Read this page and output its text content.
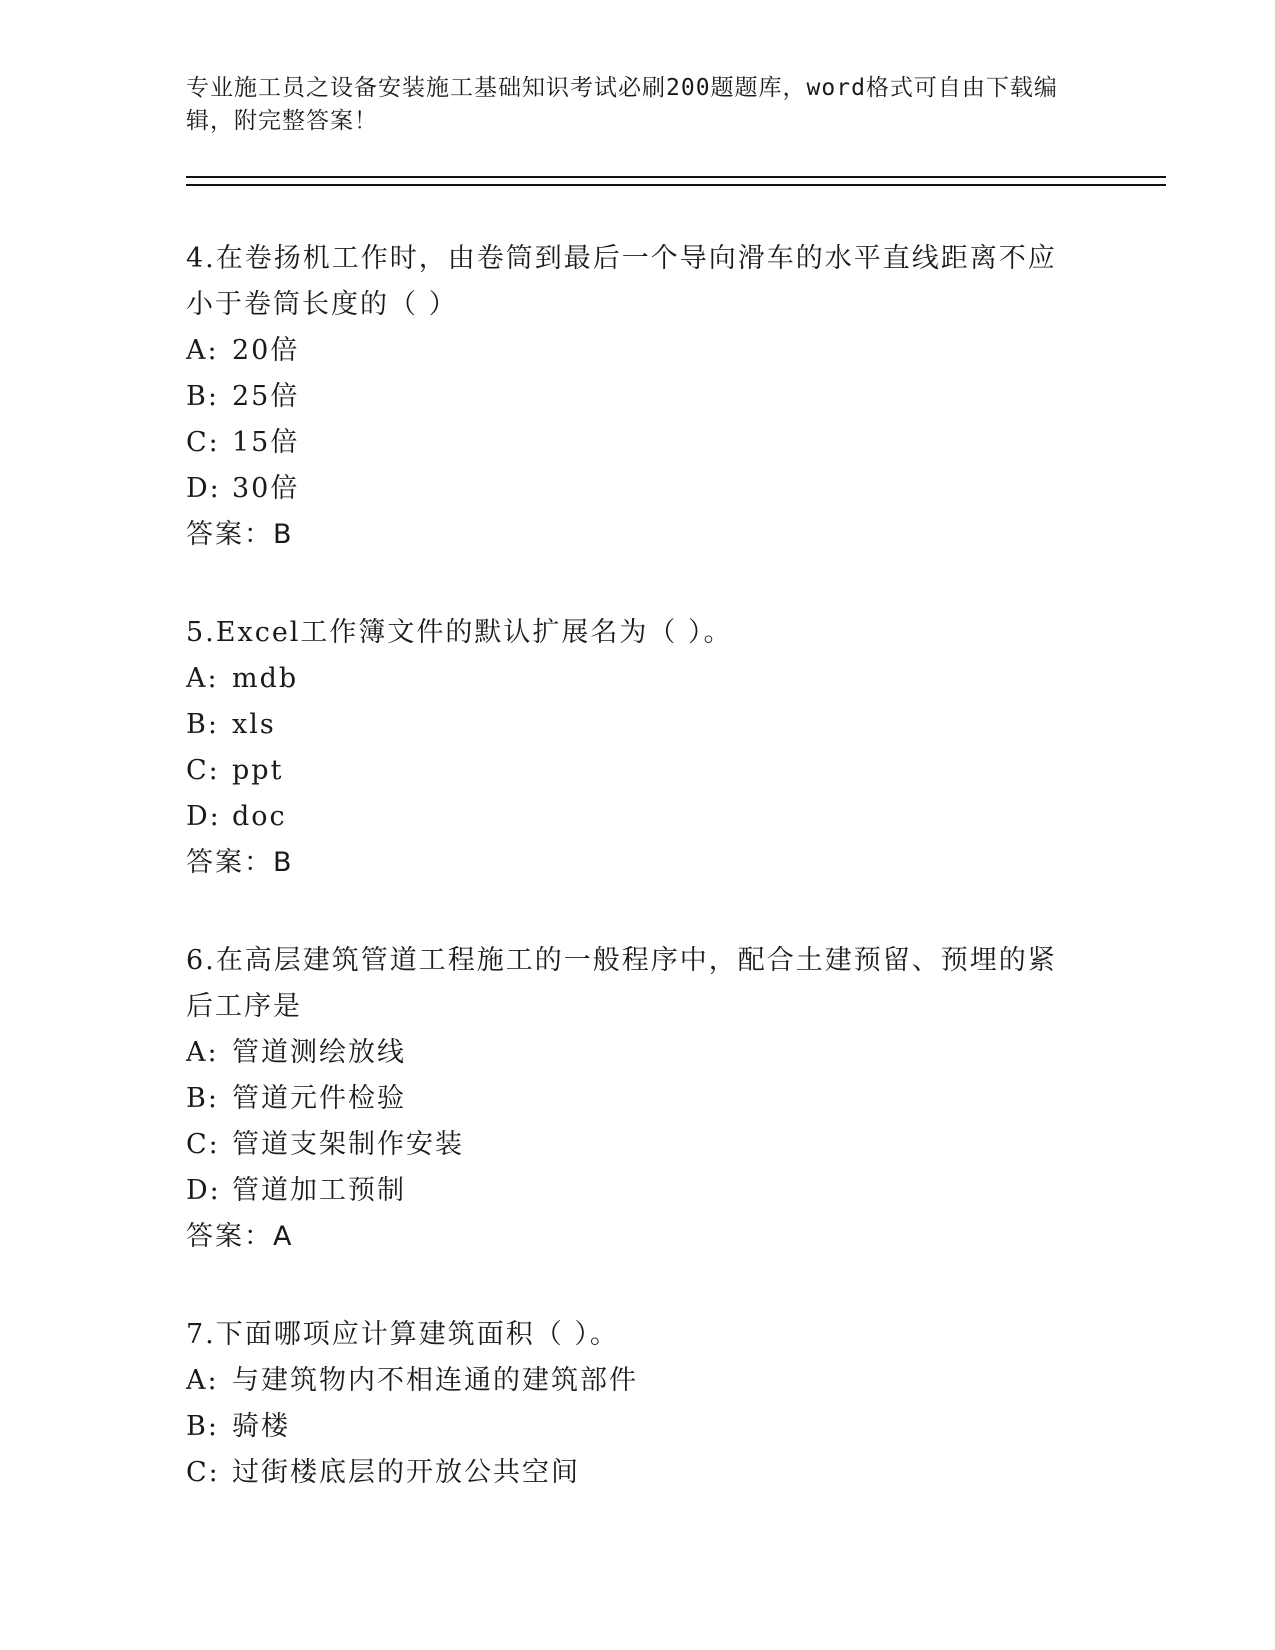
专业施工员之设备安装施工基础知识考试必刷200题题库，word格式可自由下载编辑，附完整答案！

4.在卷扬机工作时，由卷筒到最后一个导向滑车的水平直线距离不应小于卷筒长度的（ ）

A: 20倍

B: 25倍

C: 15倍

D: 30倍

答案：B

5.Excel工作簿文件的默认扩展名为（ ）。

A: mdb

B: xls

C: ppt

D: doc

答案：B

6.在高层建筑管道工程施工的一般程序中，配合土建预留、预埋的紧后工序是

A: 管道测绘放线

B: 管道元件检验

C: 管道支架制作安装

D: 管道加工预制

答案：A

7.下面哪项应计算建筑面积（ ）。

A: 与建筑物内不相连通的建筑部件

B: 骑楼

C: 过街楼底层的开放公共空间
